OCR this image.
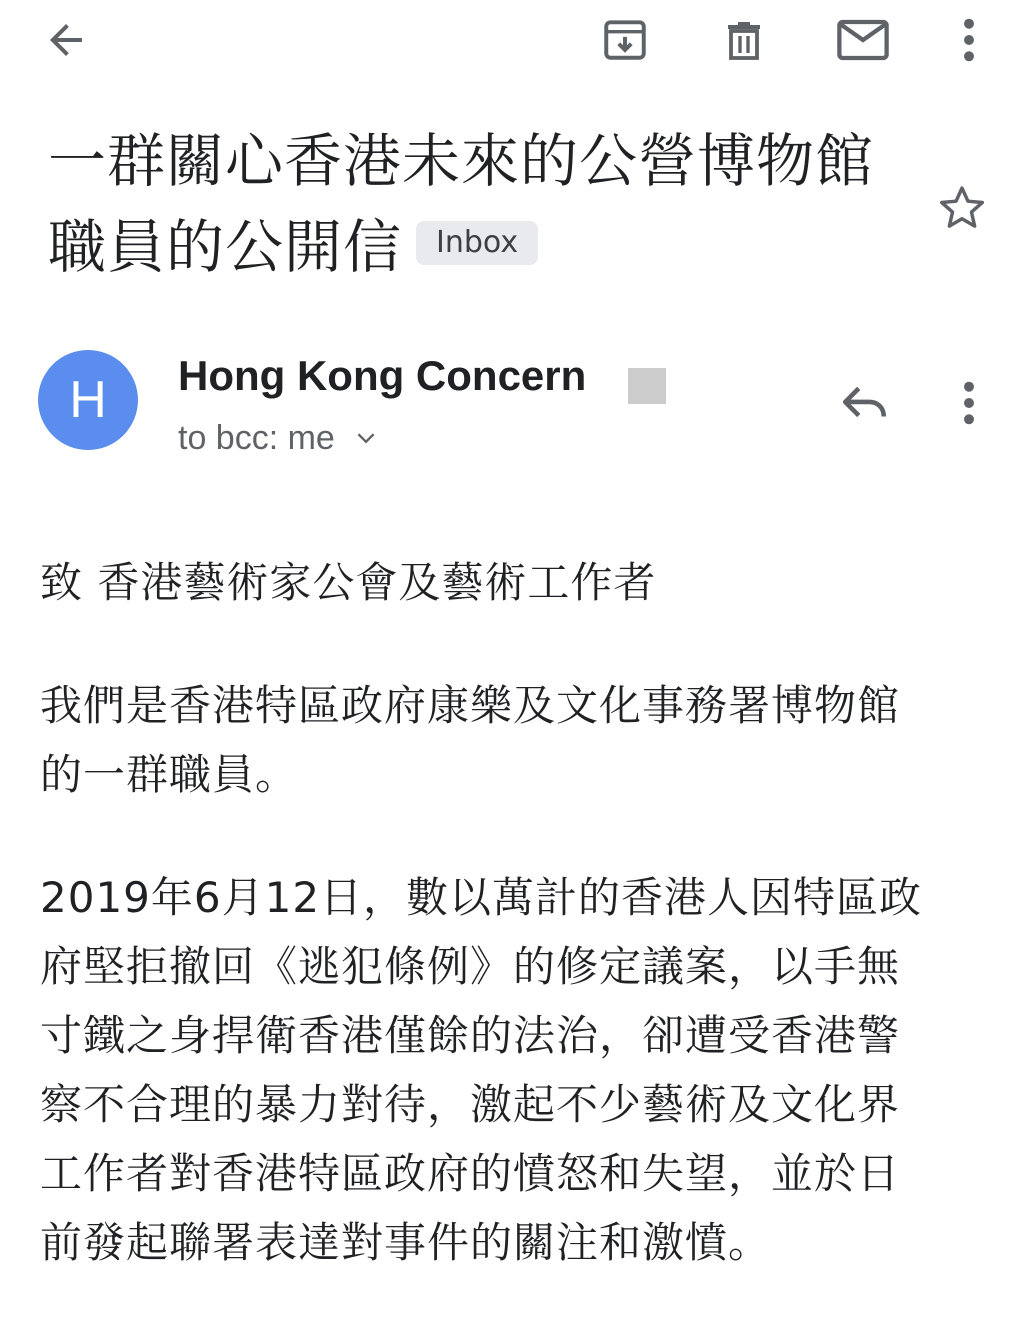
一群關心香港未來的公營博物館
職員的公開信 Inbox
H	Hong Kong Concern
to bcc: me

致 香港藝術家公會及藝術工作者

我們是香港特區政府康樂及文化事務署博物館
的一群職員。

2019年6月12日，數以萬計的香港人因特區政
府堅拒撤回《逃犯條例》的修定議案，以手無
寸鐵之身捍衛香港僅餘的法治，卻遭受香港警
察不合理的暴力對待，激起不少藝術及文化界
工作者對香港特區政府的憤怒和失望，並於日
前發起聯署表達對事件的關注和激憤。
